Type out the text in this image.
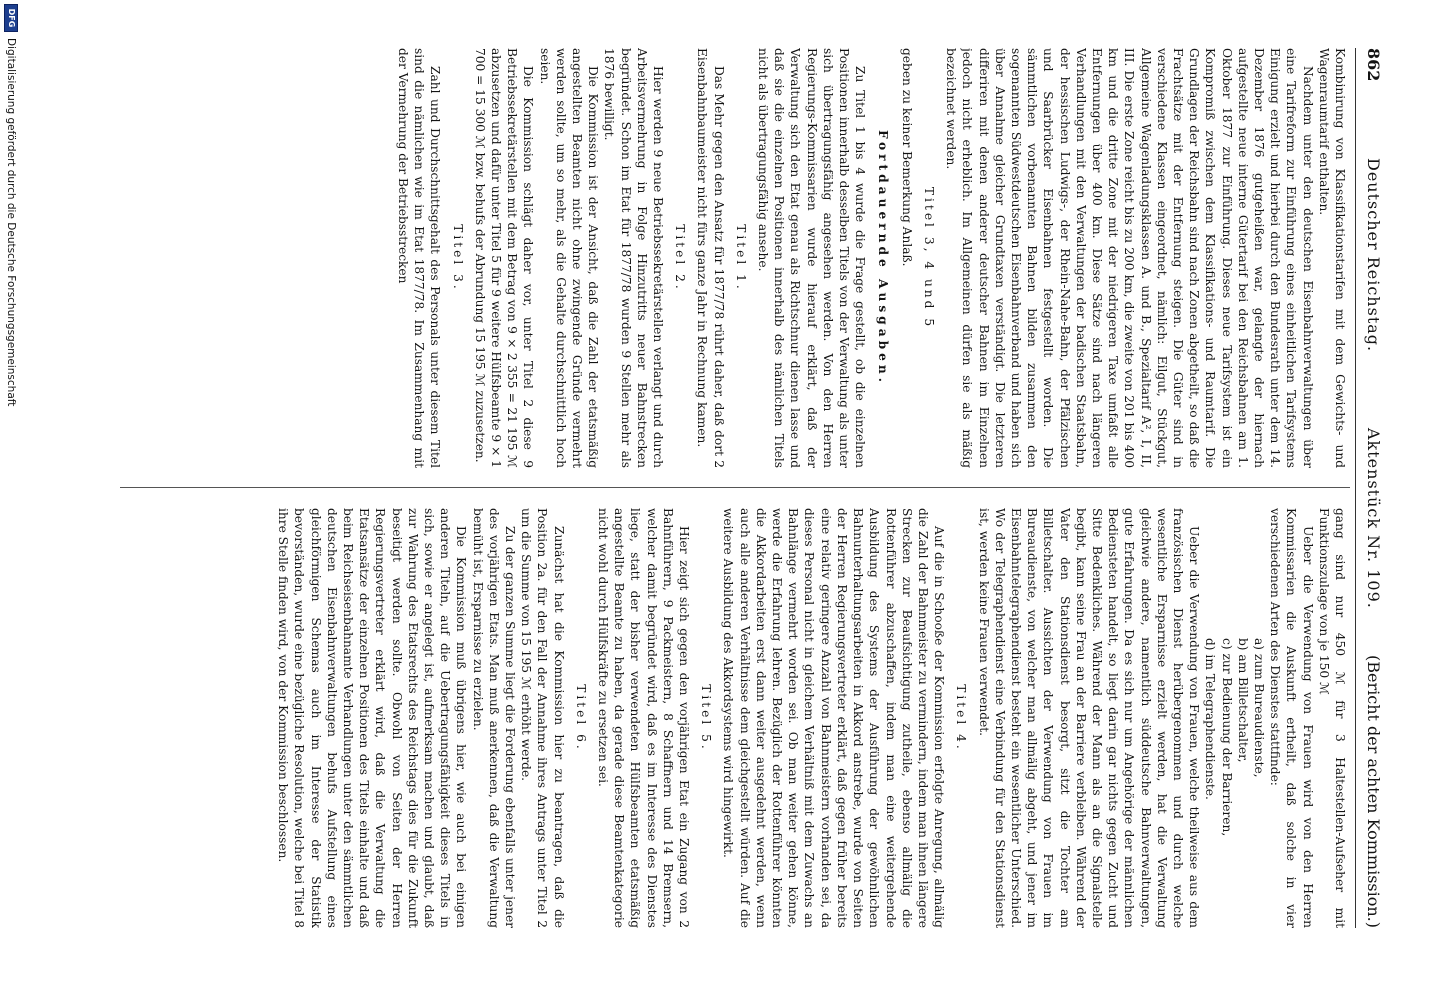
862
Deutscher Reichstag.
Aktenstück Nr. 109.
(Bericht der achten Kommission.)

Kombinirung von Klassifikationstarifen mit dem Gewichts- und Wagenraumtarif enthalten.

Nachdem unter den deutschen Eisenbahnverwaltungen über eine Tarifreform zur Einführung eines einheitlichen Tarifsystems Einigung erzielt und hierbei durch den Bundesrath unter dem 14. Dezember 1876 gutgeheißen war, gelangte der hiernach aufgestellte neue interne Gütertarif bei den Reichsbahnen am 1. Oktober 1877 zur Einführung. Dieses neue Tarifsystem ist ein Kompromiß zwischen dem Klassifikations- und Raumtarif. Die Grundlagen der Reichsbahn sind nach Zonen abgetheilt, so daß die Frachtsätze mit der Entfernung steigen. Die Güter sind in verschiedene Klassen eingeordnet, nämlich: Eilgut, Stückgut, Allgemeine Wagenladungsklassen A. und B., Spezialtarif A², I, II, III. Die erste Zone reicht bis zu 200 km, die zweite von 201 bis 400 km und die dritte Zone mit der niedrigeren Taxe umfaßt alle Entfernungen über 400 km. Diese Sätze sind nach längeren Verhandlungen mit den Verwaltungen der badischen Staatsbahn, der hessischen Ludwigs-, der Rhein-Nahe-Bahn, der Pfälzischen und Saarbrücker Eisenbahnen festgestellt worden. Die sämmtlichen vorbenannten Bahnen bilden zusammen den sogenannten Südwestdeutschen Eisenbahnverband und haben sich über Annahme gleicher Grundtaxen verständigt. Die letzteren differiren mit denen anderer deutscher Bahnen im Einzelnen jedoch nicht erheblich. Im Allgemeinen dürfen sie als mäßig bezeichnet werden.

Titel 3, 4 und 5

geben zu keiner Bemerkung Anlaß.

Fortdauernde Ausgaben.

Zu Titel 1 bis 4 wurde die Frage gestellt, ob die einzelnen Positionen innerhalb desselben Titels von der Verwaltung als unter sich übertragungsfähig angesehen werden. Von den Herren Regierungs-Kommissarien wurde hierauf erklärt, daß der Verwaltung sich den Etat genau als Richtschnur dienen lasse und daß sie die einzelnen Positionen innerhalb des nämlichen Titels nicht als übertragungsfähig ansehe.

Titel 1.

Das Mehr gegen den Ansatz für 1877/78 rührt daher, daß dort 2 Eisenbahnbaumeister nicht fürs ganze Jahr in Rechnung kamen.

Titel 2.

Hier werden 9 neue Betriebssekretärstellen verlangt und durch Arbeitsvermehrung in Folge Hinzutritts neuer Bahnstrecken begründet. Schon im Etat für 1877/78 wurden 9 Stellen mehr als 1876 bewilligt.

Die Kommission ist der Ansicht, daß die Zahl der etatsmäßig angestellten Beamten nicht ohne zwingende Gründe vermehrt werden sollte, um so mehr, als die Gehalte durchschnittlich hoch seien.

Die Kommission schlägt daher vor, unter Titel 2 diese 9 Betriebssekretärstellen mit dem Betrag von 9 × 2 355 = 21 195 ℳ abzusetzen und dafür unter Titel 5 für 9 weitere Hülfsbeamte 9 × 1 700 = 15 300 ℳ bzw. behufs der Abrundung 15 195 ℳ zuzusetzen.

Titel 3.

Zahl und Durchschnittsgehalt des Personals unter diesem Titel sind die nämlichen wie im Etat 1877/78. Im Zusammenhang mit der Vermehrung der Betriebsstrecken

gang sind nur 450 ℳ für 3 Haltestellen-Aufseher mit Funktionszulage von je 150 ℳ

Ueber die Verwendung von Frauen wird von den Herren Kommissarien die Auskunft ertheilt, daß solche in vier verschiedenen Arten des Dienstes stattfinde:

a) zum Bureaudienste,

b) am Billetschalter,

c) zur Bedienung der Barrieren,

d) im Telegraphendienste.

Ueber die Verwendung von Frauen, welche theilweise aus dem französischen Dienst herübergenommen und durch welche wesentliche Ersparnisse erzielt werden, hat die Verwaltung gleichwie andere, namentlich süddeutsche Bahnverwaltungen, gute Erfahrungen. Da es sich nur um Angehörige der männlichen Bediensteten handelt, so liegt darin gar nichts gegen Zucht und Sitte Bedenkliches. Während der Mann als an die Signalstelle begibt, kann seine Frau an der Barriere verbleiben. Während der Vater den Stationsdienst besorgt, sitzt die Tochter am Billetschalter. Aussichten der Verwendung von Frauen im Bureaudienste, von welcher man allmälig abgeht, und jener im Eisenbahntelegraphendienst besteht ein wesentlicher Unterschied. Wo der Telegraphendienst eine Verbindung für den Stationsdienst ist, werden keine Frauen verwendet.

Titel 4.

Auf die in Schooße der Kommission erfolgte Anregung, allmälig die Zahl der Bahnmeister zu vermindern, indem man ihnen längere Strecken zur Beaufsichtigung zutheile, ebenso allmälig die Rottenführer abzuschaffen, indem man eine weitergehende Ausbildung des Systems der Ausführung der gewöhnlichen Bahnunterhaltungsarbeiten in Akkord anstrebe, wurde von Seiten der Herren Regierungsvertreter erklärt, daß gegen früher bereits eine relativ geringere Anzahl von Bahnmeistern vorhanden sei, da dieses Personal nicht in gleichem Verhältniß mit dem Zuwachs an Bahnlänge vermehrt worden sei. Ob man weiter gehen könne, werde die Erfahrung lehren. Bezüglich der Rottenführer könnten die Akkordarbeiten erst dann weiter ausgedehnt werden, wenn auch alle anderen Verhältnisse dem gleichgestellt würden. Auf die weitere Ausbildung des Akkordsystems wird hingewirkt.

Titel 5.

Hier zeigt sich gegen den vorjährigen Etat ein Zugang von 2 Bahnführern, 9 Packmeistern, 8 Schaffnern und 14 Bremsern, welcher damit begründet wird, daß es im Interesse des Dienstes liege, statt der bisher verwendeten Hülfsbeamten etatsmäßig angestellte Beamte zu haben, da gerade diese Beamtenkategorie nicht wohl durch Hülfskräfte zu ersetzen sei.

Titel 6.

Zunächst hat die Kommission hier zu beantragen, daß die Position 2a. für den Fall der Annahme ihres Antrags unter Titel 2 um die Summe von 15 195 ℳ erhöht werde.

Zu der ganzen Summe liegt die Forderung ebenfalls unter jener des vorjährigen Etats. Man muß anerkennen, daß die Verwaltung bemüht ist, Ersparnisse zu erzielen.

Die Kommission muß übrigens hier, wie auch bei einigen anderen Titeln, auf die Uebertragungsfähigkeit dieses Titels in sich, sowie er angelegt ist, aufmerksam machen und glaubt, daß zur Wahrung des Etatsrechts des Reichstags dies für die Zukunft beseitigt werden sollte. Obwohl von Seiten der Herren Regierungsvertreter erklärt wird, daß die Verwaltung die Etatsansätze der einzelnen Positionen des Titels einhalte und daß beim Reichseisenbahnamte Verhandlungen unter den sämmtlichen deutschen Eisenbahnverwaltungen behufs Aufstellung eines gleichförmigen Schemas auch im Interesse der Statistik bevorständen, wurde eine bezügliche Resolution, welche bei Titel 8 ihre Stelle finden wird, von der Kommission beschlossen.

DFGDigitalisierung gefördert durch die Deutsche Forschungsgemeinschaft
